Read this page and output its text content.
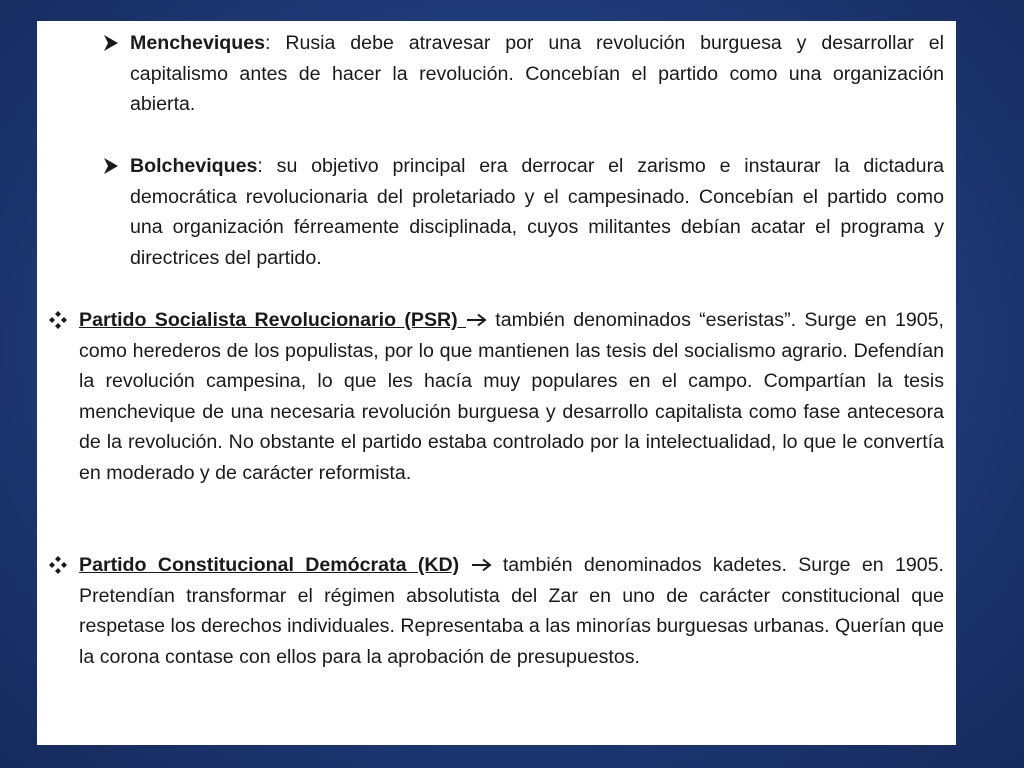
Mencheviques: Rusia debe atravesar por una revolución burguesa y desarrollar el capitalismo antes de hacer la revolución. Concebían el partido como una organización abierta.

Bolcheviques: su objetivo principal era derrocar el zarismo e instaurar la dictadura democrática revolucionaria del proletariado y el campesinado. Concebían el partido como una organización férreamente disciplinada, cuyos militantes debían acatar el programa y directrices del partido.

Partido Socialista Revolucionario (PSR)  también denominados “eseristas”. Surge en 1905, como herederos de los populistas, por lo que mantienen las tesis del socialismo agrario. Defendían la revolución campesina, lo que les hacía muy populares en el campo. Compartían la tesis menchevique de una necesaria revolución burguesa y desarrollo capitalista como fase antecesora de la revolución. No obstante el partido estaba controlado por la intelectualidad, lo que le convertía en moderado y de carácter reformista.

Partido Constitucional Demócrata (KD)  también denominados kadetes. Surge en 1905. Pretendían transformar el régimen absolutista del Zar en uno de carácter constitucional que respetase los derechos individuales. Representaba a las minorías burguesas urbanas. Querían que la corona contase con ellos para la aprobación de presupuestos.
